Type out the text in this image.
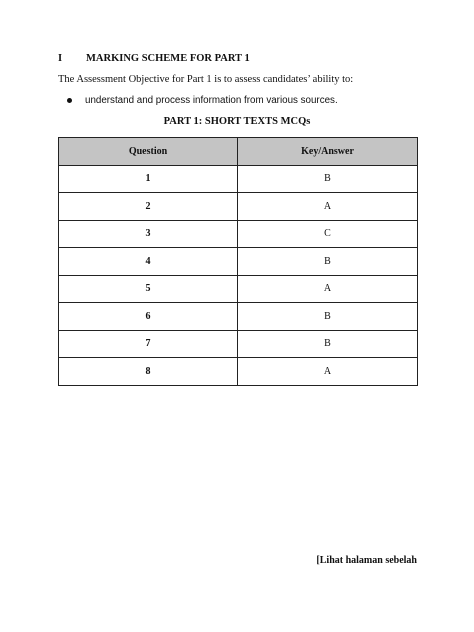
I	MARKING SCHEME FOR PART 1
The Assessment Objective for Part 1 is to assess candidates’ ability to:
understand and process information from various sources.
PART 1: SHORT TEXTS MCQs
Question	Key/Answer
1	B
2	A
3	C
4	B
5	A
6	B
7	B
8	A
[Lihat halaman sebelah
